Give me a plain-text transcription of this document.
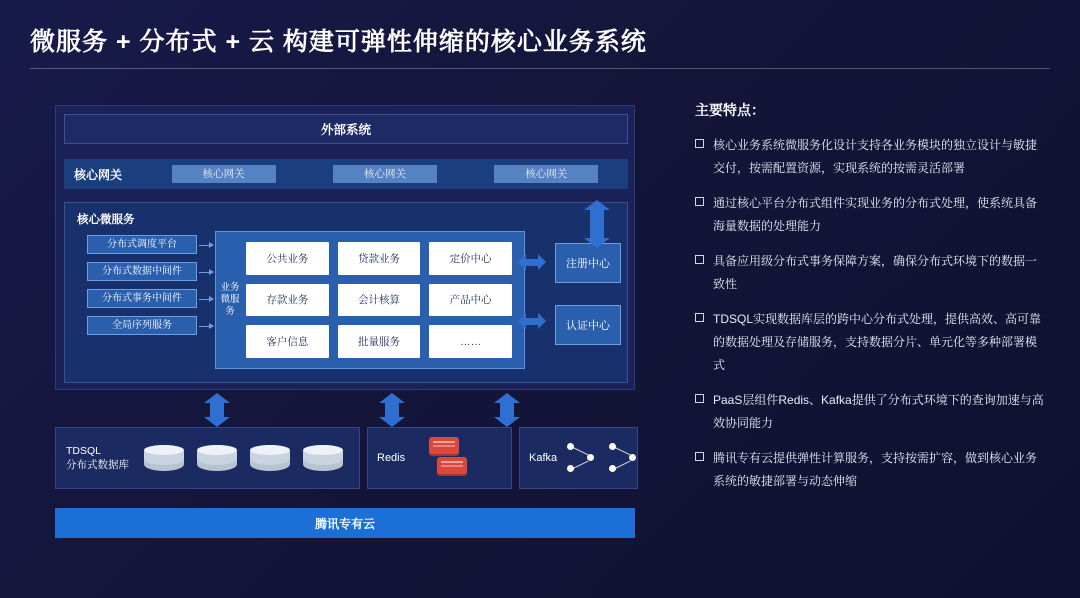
微服务 + 分布式 + 云 构建可弹性伸缩的核心业务系统
外部系统
核心网关	核心网关	核心网关	核心网关
核心微服务
分布式调度平台
分布式数据中间件
分布式事务中间件
全局序列服务
业务微服务
公共业务	贷款业务	定价中心
存款业务	会计核算	产品中心
客户信息	批量服务	……
注册中心
认证中心
TDSQL
分布式数据库
Redis	Kafka
腾讯专有云
主要特点：
核心业务系统微服务化设计支持各业务模块的独立设计与敏捷交付，按需配置资源，实现系统的按需灵活部署
通过核心平台分布式组件实现业务的分布式处理，使系统具备海量数据的处理能力
具备应用级分布式事务保障方案，确保分布式环境下的数据一致性
TDSQL实现数据库层的跨中心分布式处理，提供高效、高可靠的数据处理及存储服务，支持数据分片、单元化等多种部署模式
PaaS层组件Redis、Kafka提供了分布式环境下的查询加速与高效协同能力
腾讯专有云提供弹性计算服务，支持按需扩容，做到核心业务系统的敏捷部署与动态伸缩
